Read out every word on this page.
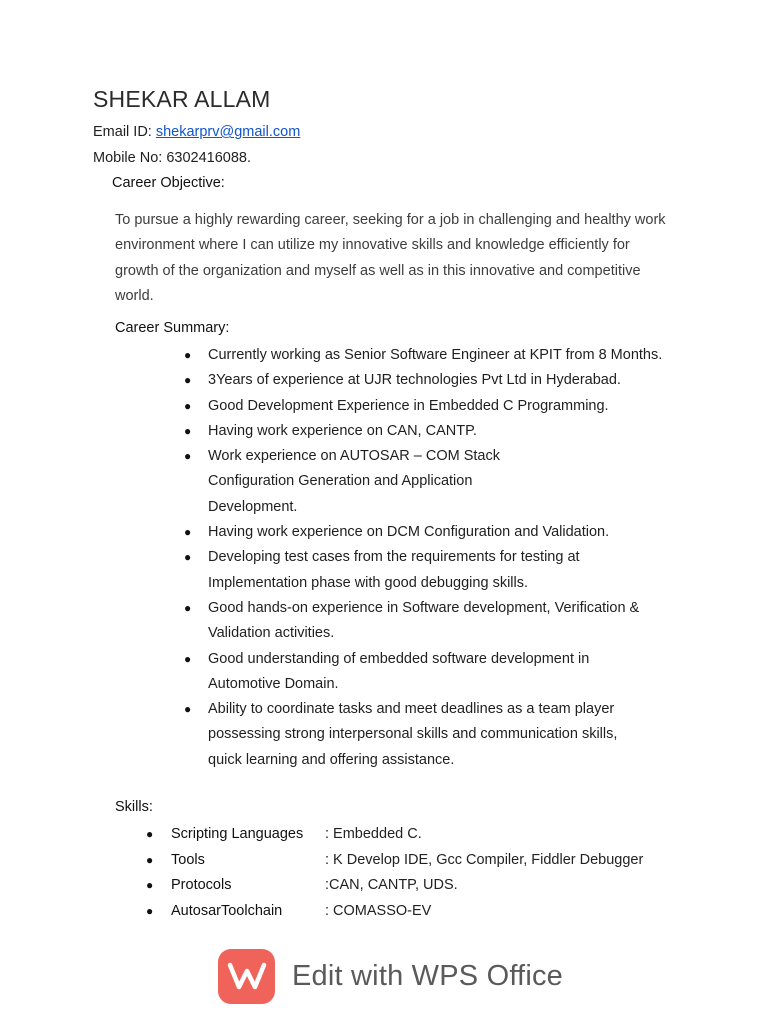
SHEKAR ALLAM
Email ID: shekarprv@gmail.com
Mobile No: 6302416088.
Career Objective:

To pursue a highly rewarding career, seeking for a job in challenging and healthy work environment where I can utilize my innovative skills and knowledge efficiently for growth of the organization and myself as well as in this innovative and competitive world.

Career Summary:
● Currently working as Senior Software Engineer at KPIT from 8 Months.
● 3Years of experience at UJR technologies Pvt Ltd in Hyderabad.
● Good Development Experience in Embedded C Programming.
● Having work experience on CAN, CANTP.
● Work experience on AUTOSAR – COM Stack Configuration Generation and Application Development.
● Having work experience on DCM Configuration and Validation.
● Developing test cases from the requirements for testing at Implementation phase with good debugging skills.
● Good hands-on experience in Software development, Verification & Validation activities.
● Good understanding of embedded software development in Automotive Domain.
● Ability to coordinate tasks and meet deadlines as a team player possessing strong interpersonal skills and communication skills, quick learning and offering assistance.
Skills:
● Scripting Languages : Embedded C.
● Tools	: K Develop IDE, Gcc Compiler, Fiddler Debugger
● Protocols	:CAN, CANTP, UDS.
● AutosarToolchain	: COMASSO-EV
Edit with WPS Office
